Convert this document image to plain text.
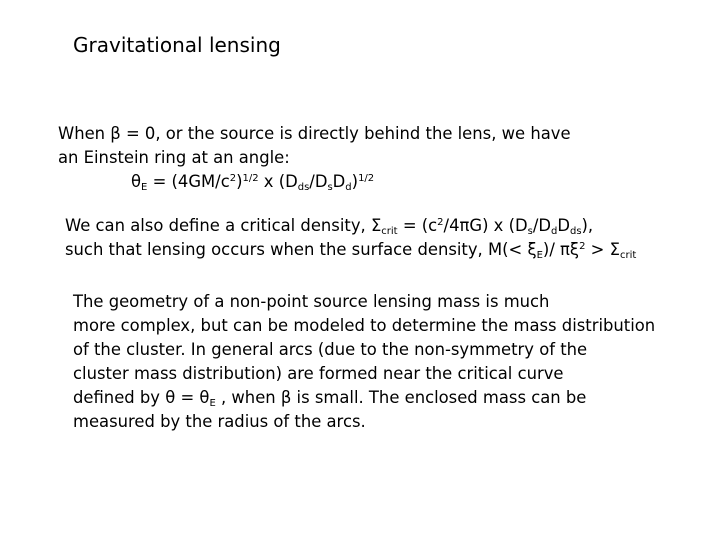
Gravitational lensing
When β = 0, or the source is directly behind the lens, we have
an Einstein ring at an angle:
$\theta_E = (4GM/c^2)^{1/2}$ x $(D_{ds}/D_sD_d)^{1/2}$
We can also define a critical density, $\Sigma_{crit} = (c^2/4\pi G)$ x $(D_s/D_dD_{ds})$,
such that lensing occurs when the surface density, $M(< \xi_E)/$ $\pi\xi^2 > \Sigma_{crit}$
The geometry of a non-point source lensing mass is much
more complex, but can be modeled to determine the mass distribution
of the cluster. In general arcs (due to the non-symmetry of the
cluster mass distribution) are formed near the critical curve
defined by $\theta = \theta_E$ , when β is small. The enclosed mass can be
measured by the radius of the arcs.
